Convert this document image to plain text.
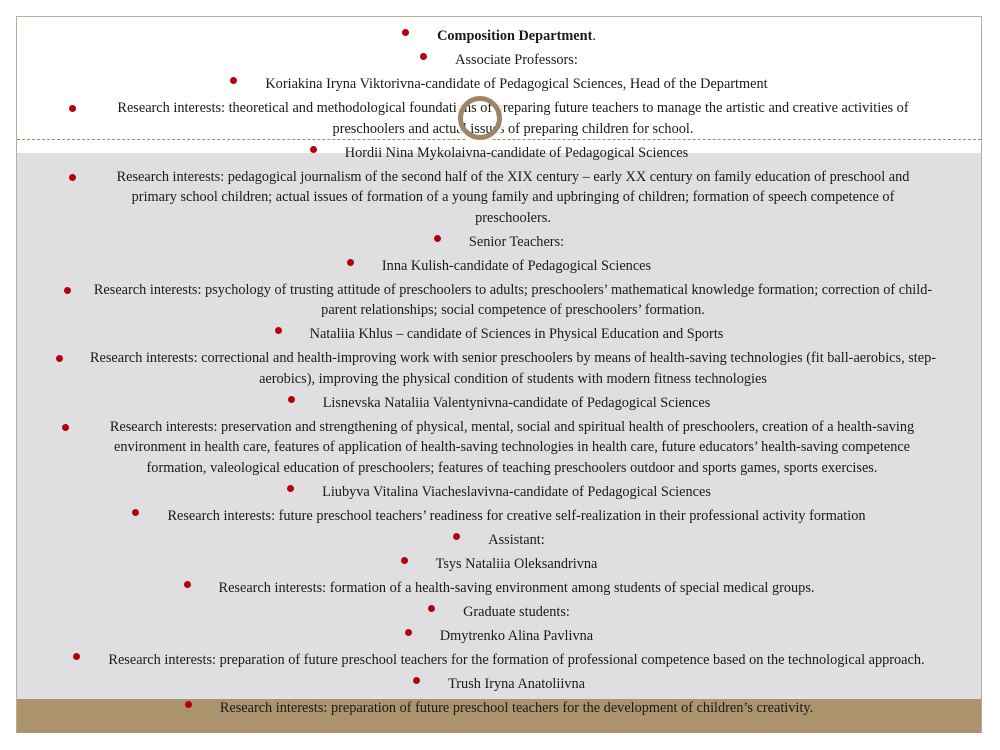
Composition Department.
Associate Professors:
Koriakina Iryna Viktorivna-candidate of Pedagogical Sciences, Head of the Department
Research interests: theoretical and methodological foundations of preparing future teachers to manage the artistic and creative activities of preschoolers and actual issues of preparing children for school.
Hordii Nina Mykolaivna-candidate of Pedagogical Sciences
Research interests: pedagogical journalism of the second half of the XIX century – early XX century on family education of preschool and primary school children; actual issues of formation of a young family and upbringing of children; formation of speech competence of preschoolers.
Senior Teachers:
Inna Kulish-candidate of Pedagogical Sciences
Research interests: psychology of trusting attitude of preschoolers to adults; preschoolers’ mathematical knowledge formation; correction of child-parent relationships; social competence of preschoolers’ formation.
Nataliia Khlus – candidate of Sciences in Physical Education and Sports
Research interests: correctional and health-improving work with senior preschoolers by means of health-saving technologies (fit ball-aerobics, step-aerobics), improving the physical condition of students with modern fitness technologies
Lisnevska Nataliia Valentynivna-candidate of Pedagogical Sciences
Research interests: preservation and strengthening of physical, mental, social and spiritual health of preschoolers, creation of a health-saving environment in health care, features of application of health-saving technologies in health care, future educators’ health-saving competence formation, valeological education of preschoolers; features of teaching preschoolers outdoor and sports games, sports exercises.
Liubyva Vitalina Viacheslavivna-candidate of Pedagogical Sciences
Research interests: future preschool teachers’ readiness for creative self-realization in their professional activity formation
Assistant:
Tsys Nataliia Oleksandrivna
Research interests: formation of a health-saving environment among students of special medical groups.
Graduate students:
Dmytrenko Alina Pavlivna
Research interests: preparation of future preschool teachers for the formation of professional competence based on the technological approach.
Trush Iryna Anatoliivna
Research interests: preparation of future preschool teachers for the development of children’s creativity.
